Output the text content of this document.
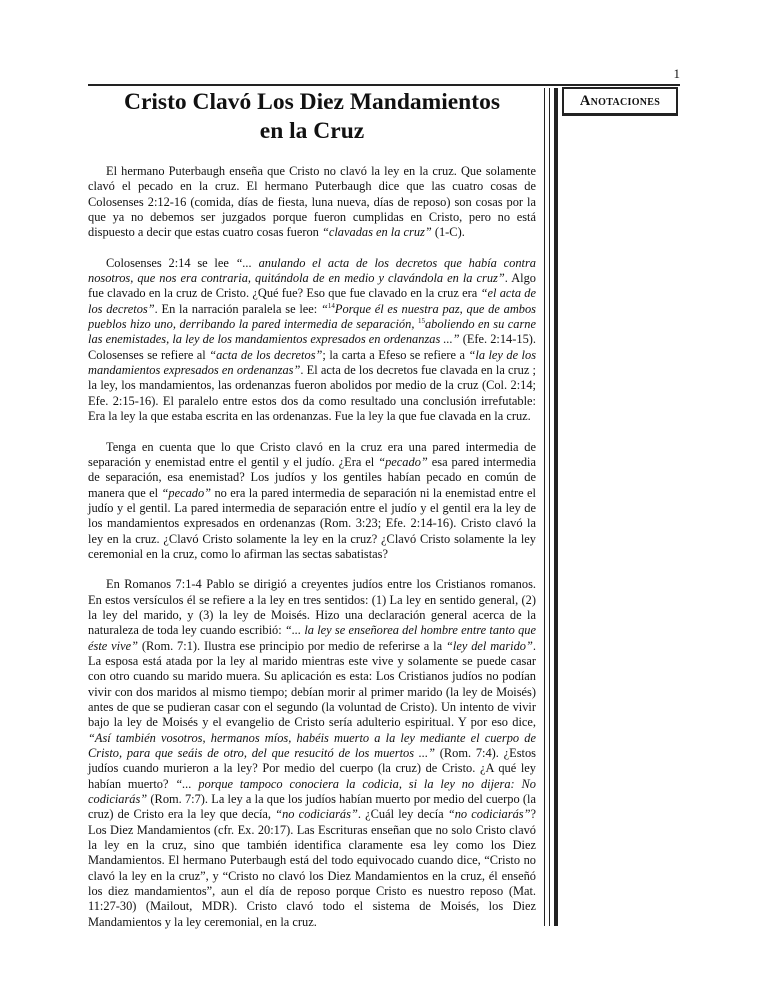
1
Cristo Clavó Los Diez Mandamientos
en la Cruz

El hermano Puterbaugh enseña que Cristo no clavó la ley en la cruz. Que solamente clavó el pecado en la cruz. El hermano Puterbaugh dice que las cuatro cosas de Colosenses 2:12-16 (comida, días de fiesta, luna nueva, días de reposo) son cosas por la que ya no debemos ser juzgados porque fueron cumplidas en Cristo, pero no está dispuesto a decir que estas cuatro cosas fueron “clavadas en la cruz” (1-C).

Colosenses 2:14 se lee “... anulando el acta de los decretos que había contra nosotros, que nos era contraria, quitándola de en medio y clavándola en la cruz”. Algo fue clavado en la cruz de Cristo. ¿Qué fue? Eso que fue clavado en la cruz era “el acta de los decretos”. En la narración paralela se lee: “$^{14}$Porque él es nuestra paz, que de ambos pueblos hizo uno, derribando la pared intermedia de separación, $^{15}$aboliendo en su carne las enemistades, la ley de los mandamientos expresados en ordenanzas ...” (Efe. 2:14-15). Colosenses se refiere al “acta de los decretos”; la carta a Efeso se refiere a “la ley de los mandamientos expresados en ordenanzas”. El acta de los decretos fue clavada en la cruz ; la ley, los mandamientos, las ordenanzas fueron abolidos por medio de la cruz (Col. 2:14; Efe. 2:15-16). El paralelo entre estos dos da como resultado una conclusión irrefutable: Era la ley la que estaba escrita en las ordenanzas. Fue la ley la que fue clavada en la cruz.

Tenga en cuenta que lo que Cristo clavó en la cruz era una pared intermedia de separación y enemistad entre el gentil y el judío. ¿Era el “pecado” esa pared intermedia de separación, esa enemistad? Los judíos y los gentiles habían pecado en común de manera que el “pecado” no era la pared intermedia de separación ni la enemistad entre el judío y el gentil. La pared intermedia de separación entre el judío y el gentil era la ley de los mandamientos expresados en ordenanzas (Rom. 3:23; Efe. 2:14-16). Cristo clavó la ley en la cruz. ¿Clavó Cristo solamente la ley en la cruz? ¿Clavó Cristo solamente la ley ceremonial en la cruz, como lo afirman las sectas sabatistas?

En Romanos 7:1-4 Pablo se dirigió a creyentes judíos entre los Cristianos romanos. En estos versículos él se refiere a la ley en tres sentidos: (1) La ley en sentido general, (2) la ley del marido, y (3) la ley de Moisés. Hizo una declaración general acerca de la naturaleza de toda ley cuando escribió: “... la ley se enseñorea del hombre entre tanto que éste vive” (Rom. 7:1). Ilustra ese principio por medio de referirse a la “ley del marido”. La esposa está atada por la ley al marido mientras este vive y solamente se puede casar con otro cuando su marido muera. Su aplicación es esta: Los Cristianos judíos no podían vivir con dos maridos al mismo tiempo; debían morir al primer marido (la ley de Moisés) antes de que se pudieran casar con el segundo (la voluntad de Cristo). Un intento de vivir bajo la ley de Moisés y el evangelio de Cristo sería adulterio espiritual. Y por eso dice, “Así también vosotros, hermanos míos, habéis muerto a la ley mediante el cuerpo de Cristo, para que seáis de otro, del que resucitó de los muertos ...” (Rom. 7:4). ¿Estos judíos cuando murieron a la ley? Por medio del cuerpo (la cruz) de Cristo. ¿A qué ley habían muerto? “... porque tampoco conociera la codicia, si la ley no dijera: No codiciarás” (Rom. 7:7). La ley a la que los judíos habían muerto por medio del cuerpo (la cruz) de Cristo era la ley que decía, “no codiciarás”. ¿Cuál ley decía “no codiciarás”? Los Diez Mandamientos (cfr. Ex. 20:17). Las Escrituras enseñan que no solo Cristo clavó la ley en la cruz, sino que también identifica claramente esa ley como los Diez Mandamientos. El hermano Puterbaugh está del todo equivocado cuando dice, “Cristo no clavó la ley en la cruz”, y “Cristo no clavó los Diez Mandamientos en la cruz, él enseñó los diez mandamientos”, aun el día de reposo porque Cristo es nuestro reposo (Mat. 11:27-30) (Mailout, MDR). Cristo clavó todo el sistema de Moisés, los Diez Mandamientos y la ley ceremonial, en la cruz.

Anotaciones
